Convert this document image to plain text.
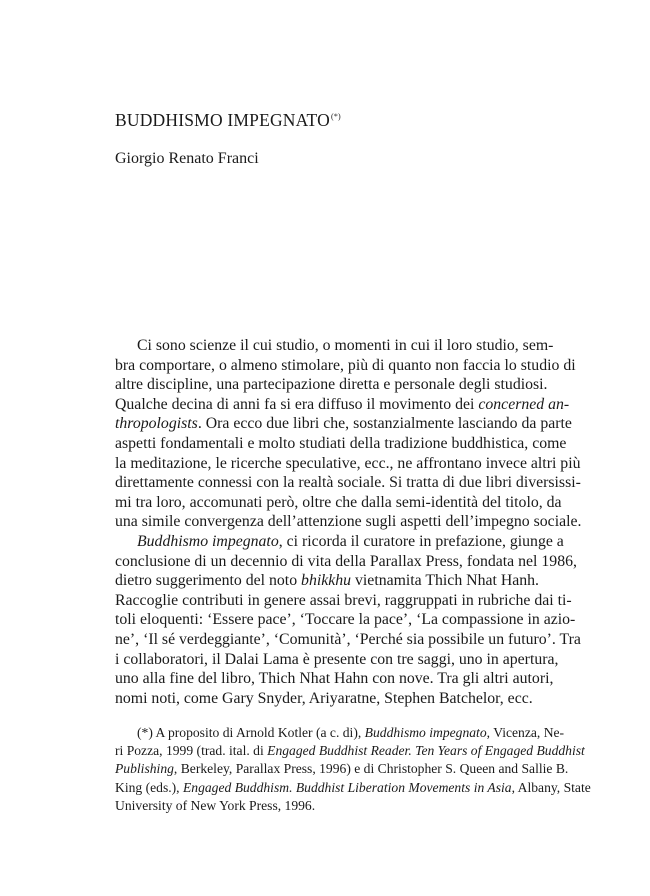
BUDDHISMO IMPEGNATO(*)
Giorgio Renato Franci
Ci sono scienze il cui studio, o momenti in cui il loro studio, sem-
bra comportare, o almeno stimolare, più di quanto non faccia lo studio di
altre discipline, una partecipazione diretta e personale degli studiosi.
Qualche decina di anni fa si era diffuso il movimento dei concerned an-
thropologists. Ora ecco due libri che, sostanzialmente lasciando da parte
aspetti fondamentali e molto studiati della tradizione buddhistica, come
la meditazione, le ricerche speculative, ecc., ne affrontano invece altri più
direttamente connessi con la realtà sociale. Si tratta di due libri diversissi-
mi tra loro, accomunati però, oltre che dalla semi-identità del titolo, da
una simile convergenza dell’attenzione sugli aspetti dell’impegno sociale.
Buddhismo impegnato, ci ricorda il curatore in prefazione, giunge a
conclusione di un decennio di vita della Parallax Press, fondata nel 1986,
dietro suggerimento del noto bhikkhu vietnamita Thich Nhat Hanh.
Raccoglie contributi in genere assai brevi, raggruppati in rubriche dai ti-
toli eloquenti: ‘Essere pace’, ‘Toccare la pace’, ‘La compassione in azio-
ne’, ‘Il sé verdeggiante’, ‘Comunità’, ‘Perché sia possibile un futuro’. Tra
i collaboratori, il Dalai Lama è presente con tre saggi, uno in apertura,
uno alla fine del libro, Thich Nhat Hahn con nove. Tra gli altri autori,
nomi noti, come Gary Snyder, Ariyaratne, Stephen Batchelor, ecc.
(*) A proposito di Arnold Kotler (a c. di), Buddhismo impegnato, Vicenza, Ne-
ri Pozza, 1999 (trad. ital. di Engaged Buddhist Reader. Ten Years of Engaged Buddhist
Publishing, Berkeley, Parallax Press, 1996) e di Christopher S. Queen and Sallie B.
King (eds.), Engaged Buddhism. Buddhist Liberation Movements in Asia, Albany, State
University of New York Press, 1996.
